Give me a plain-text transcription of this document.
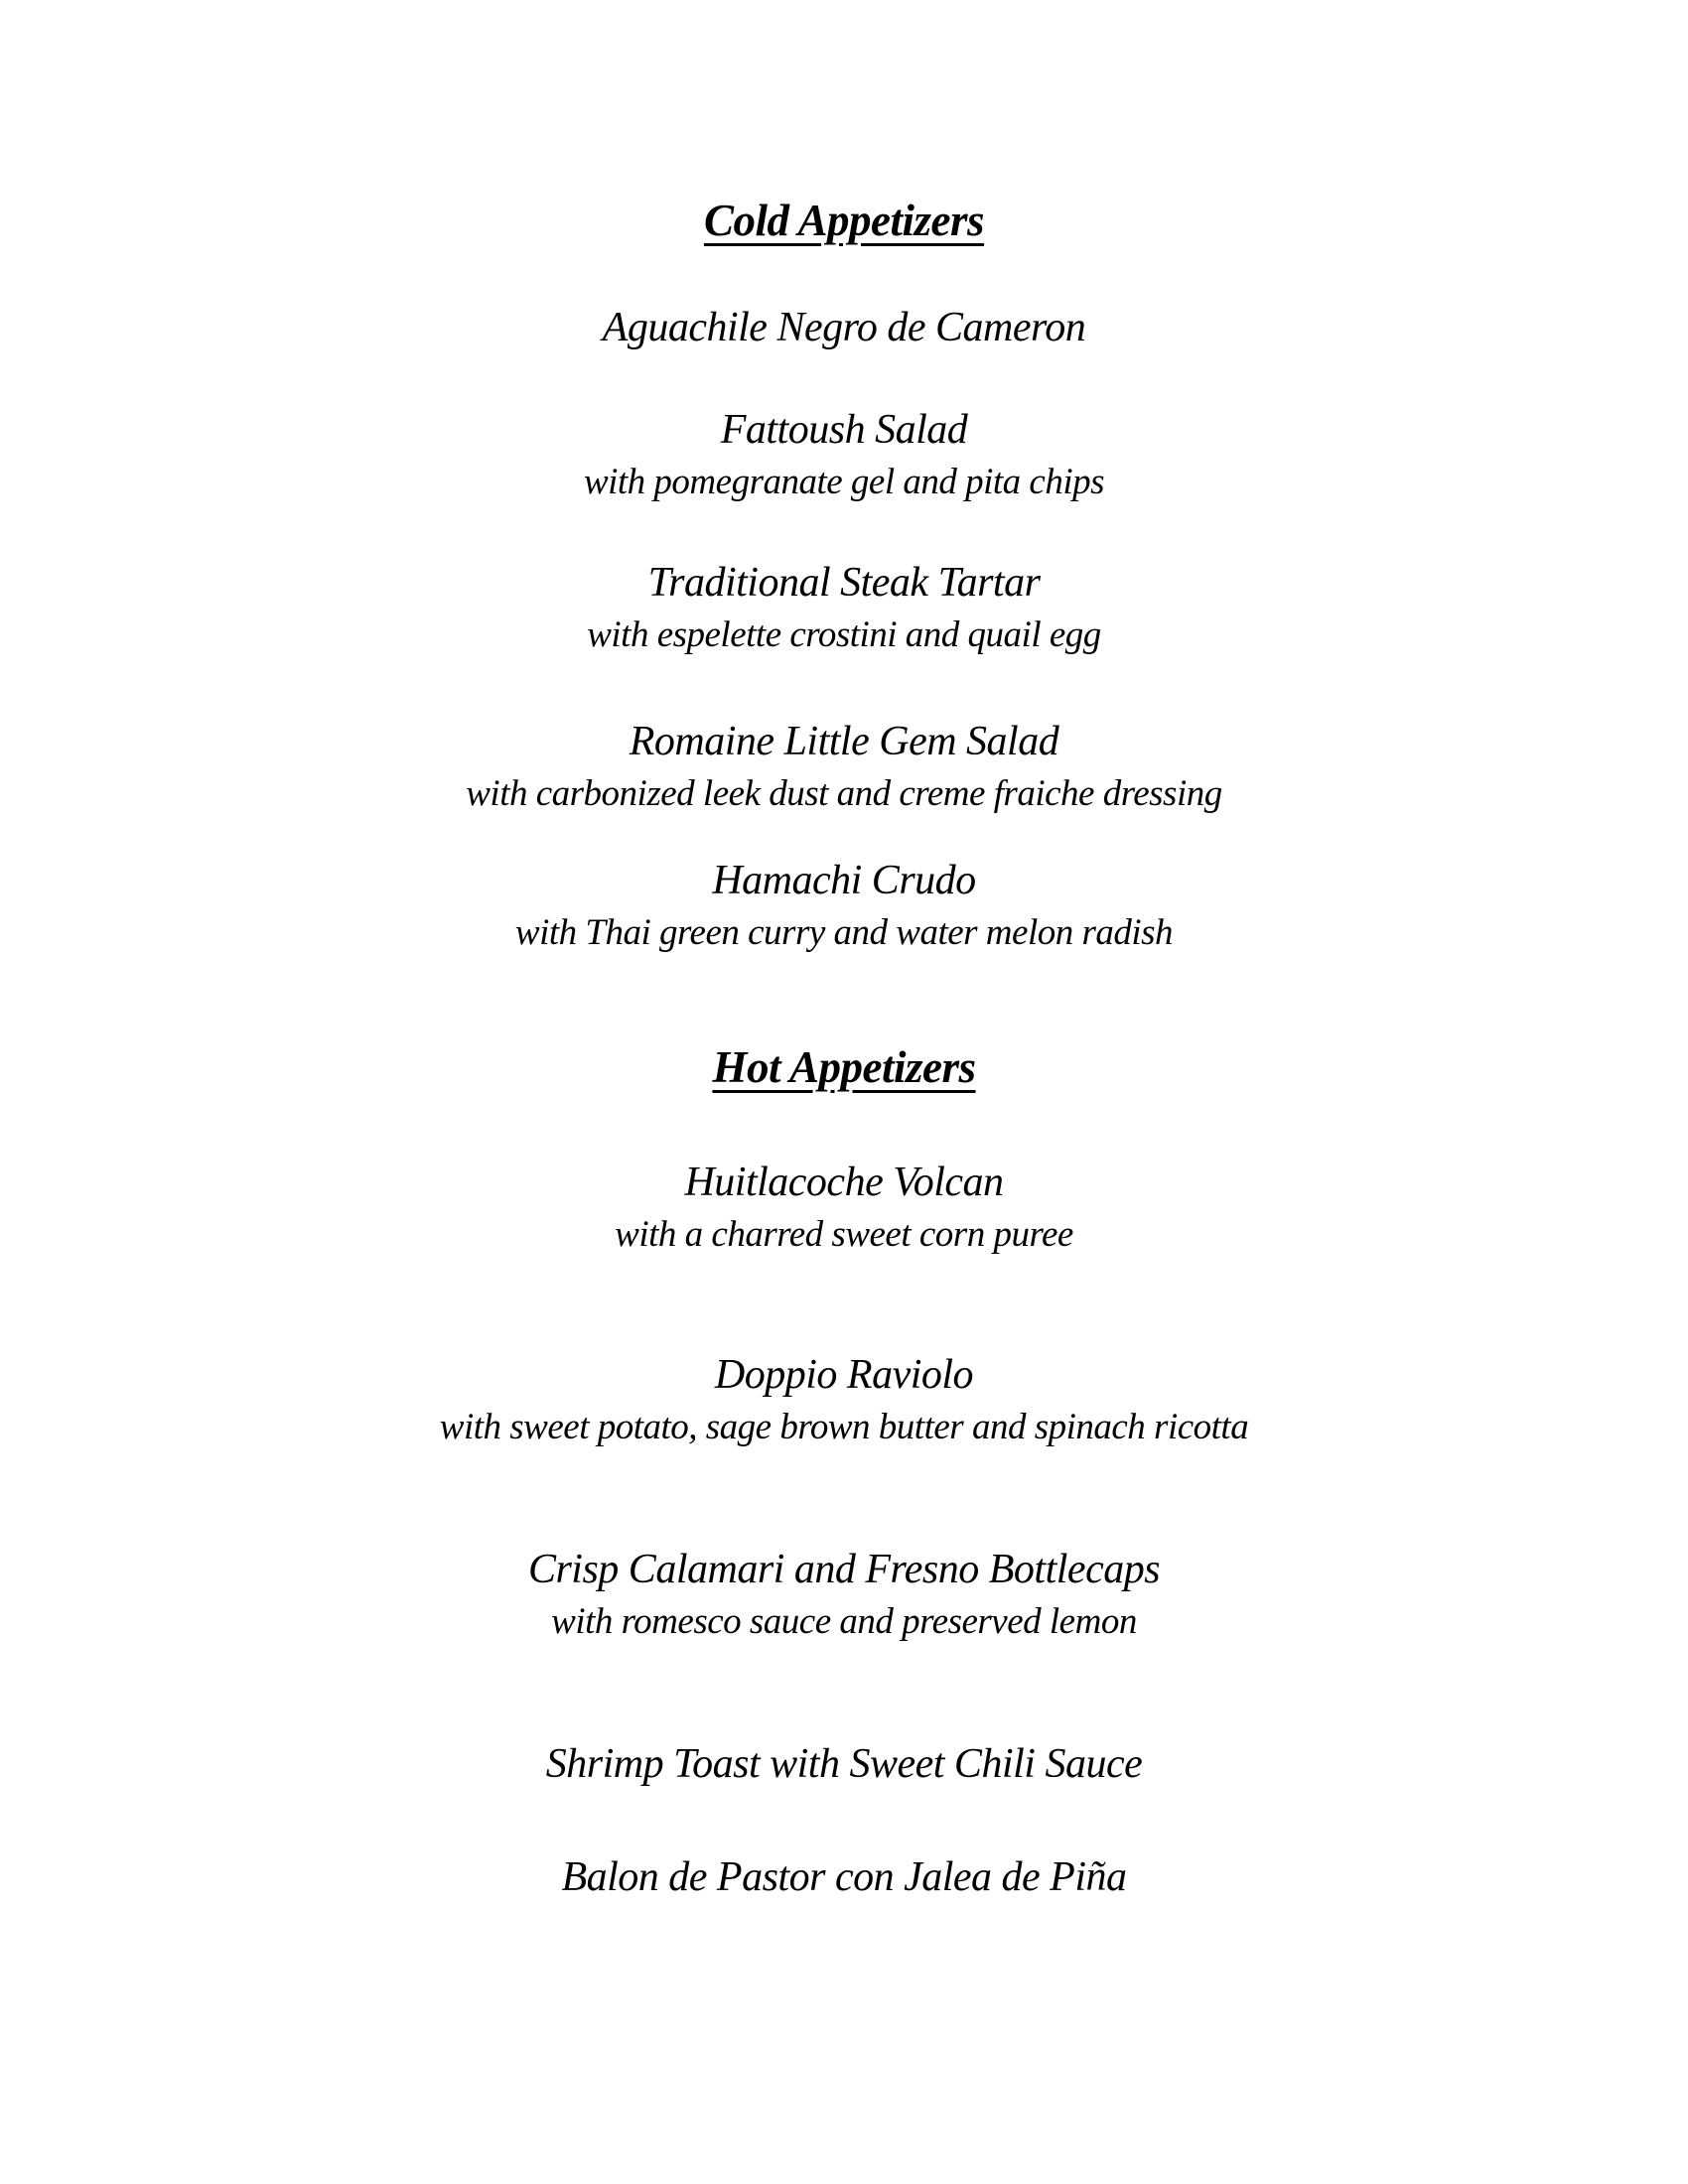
Cold Appetizers
Aguachile Negro de Cameron
Fattoush Salad
with pomegranate gel and pita chips
Traditional Steak Tartar
with espelette crostini and quail egg
Romaine Little Gem Salad
with carbonized leek dust and creme fraiche dressing
Hamachi Crudo
with Thai green curry and water melon radish
Hot Appetizers
Huitlacoche Volcan
with a charred sweet corn puree
Doppio Raviolo
with sweet potato, sage brown butter and spinach ricotta
Crisp Calamari and Fresno Bottlecaps
with romesco sauce and preserved lemon
Shrimp Toast with Sweet Chili Sauce
Balon de Pastor con Jalea de Piña
